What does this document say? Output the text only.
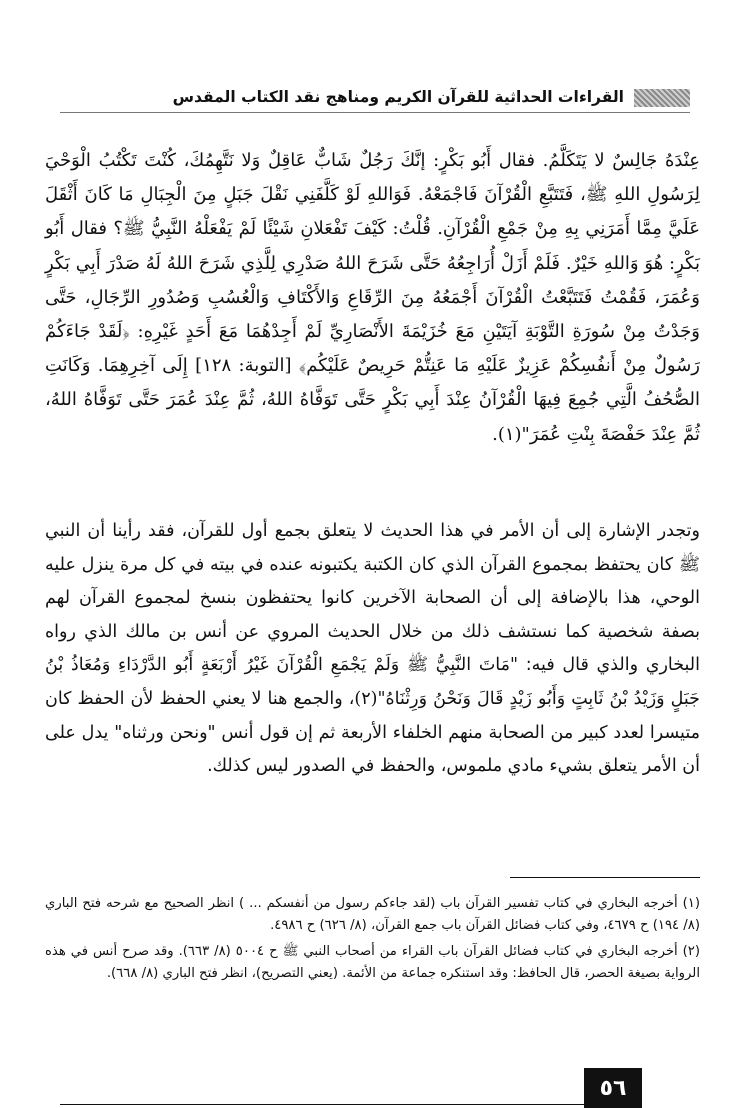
القراءات الحداثية للقرآن الكريم ومناهج نقد الكتاب المقدس

عِنْدَهُ جَالِسٌ لا يَتَكَلَّمُ. فقال أَبُو بَكْرٍ: إنَّكَ رَجُلٌ شَابٌّ عَاقِلٌ وَلا نَتَّهِمُكَ، كُنْتَ تَكْتُبُ الْوَحْيَ لِرَسُولِ اللهِ ﷺ، فَتَتَبَّعِ الْقُرْآنَ فَاجْمَعْهُ. فَوَاللهِ لَوْ كَلَّفَنِي نَقْلَ جَبَلٍ مِنَ الْجِبَالِ مَا كَانَ أَثْقَلَ عَلَيَّ مِمَّا أَمَرَنِي بِهِ مِنْ جَمْعِ الْقُرْآنِ. قُلْتُ: كَيْفَ تَفْعَلانِ شَيْئًا لَمْ يَفْعَلْهُ النَّبِيُّ ﷺ؟ فقال أَبُو بَكْرٍ: هُوَ وَاللهِ خَيْرٌ. فَلَمْ أَزَلْ أُرَاجِعُهُ حَتَّى شَرَحَ اللهُ صَدْرِي لِلَّذِي شَرَحَ اللهُ لَهُ صَدْرَ أَبِي بَكْرٍ وَعُمَرَ، فَقُمْتُ فَتَتَبَّعْتُ الْقُرْآنَ أَجْمَعُهُ مِنَ الرِّقَاعِ وَالأَكْتَافِ وَالْعُسُبِ وَصُدُورِ الرِّجَالِ، حَتَّى وَجَدْتُ مِنْ سُورَةِ التَّوْبَةِ آيَتَيْنِ مَعَ خُزَيْمَةَ الأَنْصَارِيِّ لَمْ أَجِدْهُمَا مَعَ أَحَدٍ غَيْرِهِ: ﴿لَقَدْ جَاءَكُمْ رَسُولٌ مِنْ أَنفُسِكُمْ عَزِيزٌ عَلَيْهِ مَا عَنِتُّمْ حَرِيصٌ عَلَيْكُم﴾ [التوبة: ١٢٨] إِلَى آخِرِهِمَا. وَكَانَتِ الصُّحُفُ الَّتِي جُمِعَ فِيهَا الْقُرْآنُ عِنْدَ أَبِي بَكْرٍ حَتَّى تَوَفَّاهُ اللهُ، ثُمَّ عِنْدَ عُمَرَ حَتَّى تَوَفَّاهُ اللهُ، ثُمَّ عِنْدَ حَفْصَةَ بِنْتِ عُمَرَ"(١).

وتجدر الإشارة إلى أن الأمر في هذا الحديث لا يتعلق بجمع أول للقرآن، فقد رأينا أن النبي ﷺ كان يحتفظ بمجموع القرآن الذي كان الكتبة يكتبونه عنده في بيته في كل مرة ينزل عليه الوحي، هذا بالإضافة إلى أن الصحابة الآخرين كانوا يحتفظون بنسخ لمجموع القرآن لهم بصفة شخصية كما نستشف ذلك من خلال الحديث المروي عن أنس بن مالك الذي رواه البخاري والذي قال فيه: "مَاتَ النَّبِيُّ ﷺ وَلَمْ يَجْمَعِ الْقُرْآنَ غَيْرُ أَرْبَعَةٍ أَبُو الدَّرْدَاءِ وَمُعَاذُ بْنُ جَبَلٍ وَزَيْدُ بْنُ ثَابِتٍ وَأَبُو زَيْدٍ قَالَ وَنَحْنُ وَرِثْنَاهُ"(٢)، والجمع هنا لا يعني الحفظ لأن الحفظ كان متيسرا لعدد كبير من الصحابة منهم الخلفاء الأربعة ثم إن قول أنس "ونحن ورثناه" يدل على أن الأمر يتعلق بشيء مادي ملموس، والحفظ في الصدور ليس كذلك.

(١) أخرجه البخاري في كتاب تفسير القرآن باب (لقد جاءكم رسول من أنفسكم ... ) انظر الصحيح مع شرحه فتح الباري (٨/ ١٩٤) ح ٤٦٧٩، وفي كتاب فضائل القرآن باب جمع القرآن، (٨/ ٦٢٦) ح ٤٩٨٦.

(٢) أخرجه البخاري في كتاب فضائل القرآن باب القراء من أصحاب النبي ﷺ ح ٥٠٠٤ (٨/ ٦٦٣). وقد صرح أنس في هذه الرواية بصيغة الحصر، قال الحافظ: وقد استنكره جماعة من الأئمة. (يعني التصريح)، انظر فتح الباري (٨/ ٦٦٨).

٥٦
